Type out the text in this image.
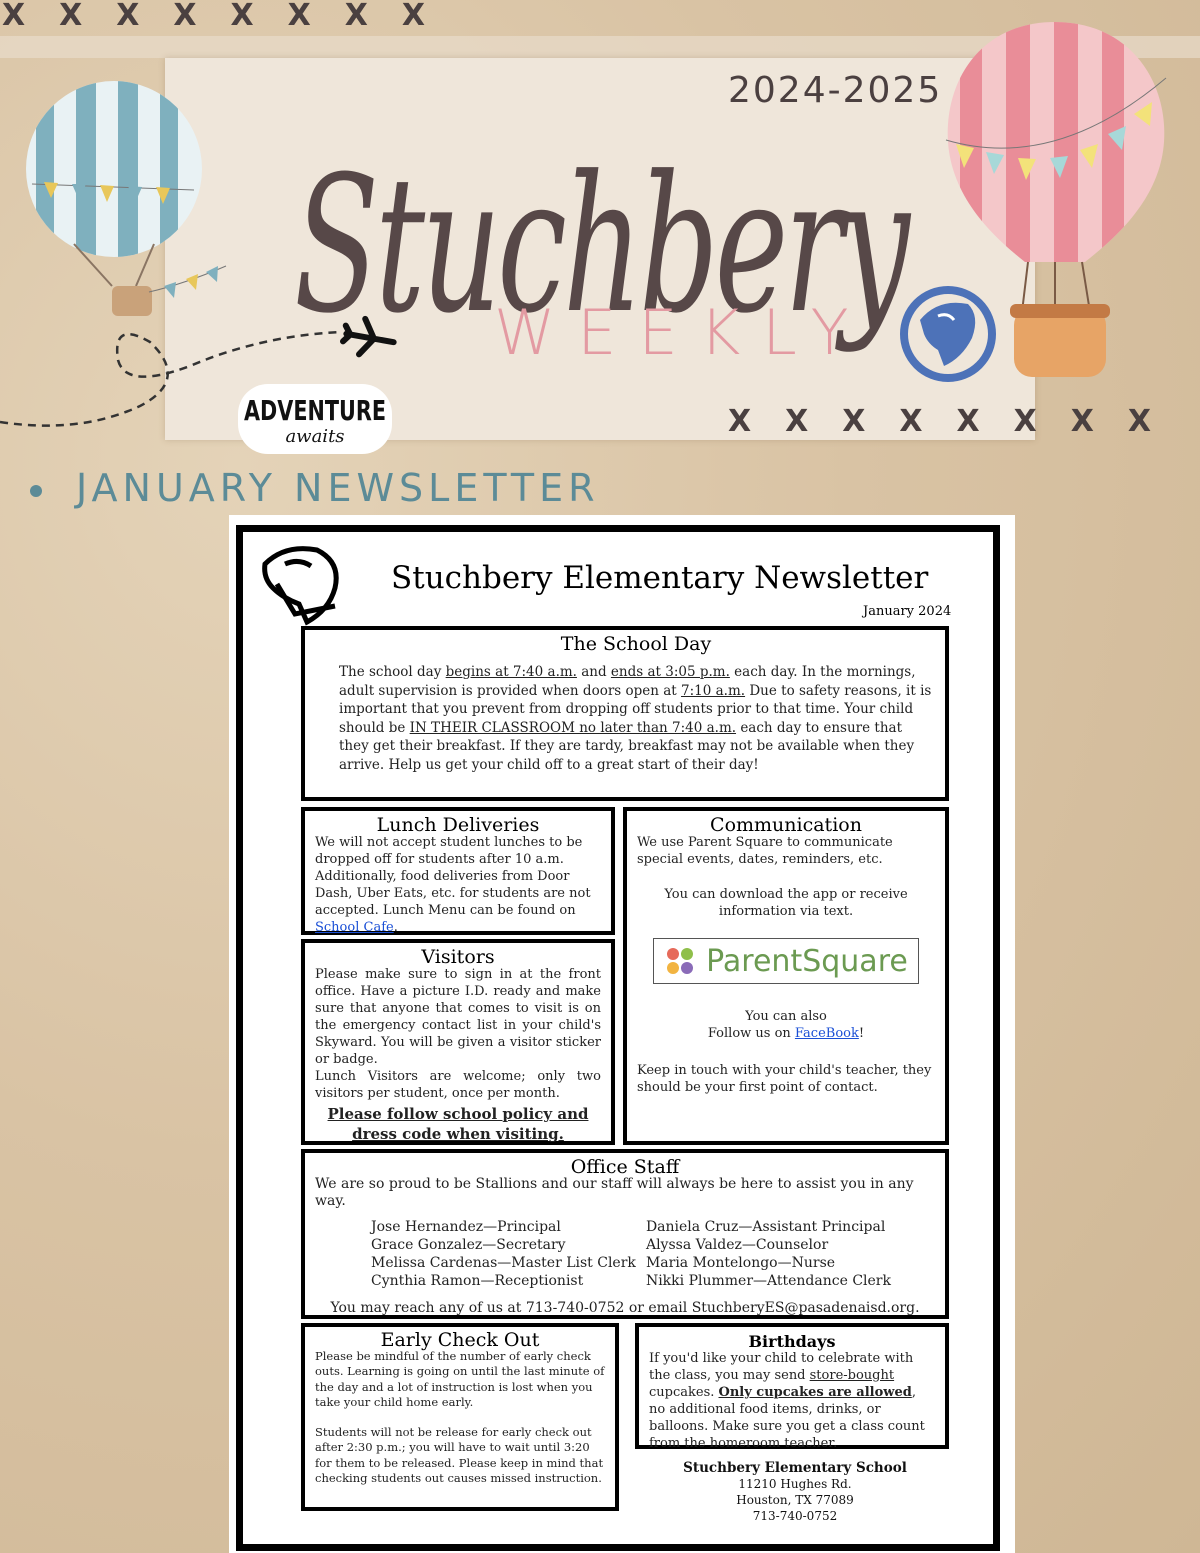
XXXXXXXX
2024-2025
Stuchbery
WEEKLY
ADVENTURE
awaits	XXXXXXXX
JANUARY NEWSLETTER
Stuchbery Elementary Newsletter
January 2024
The School Day

The school day begins at 7:40 a.m. and ends at 3:05 p.m. each day. In the mornings, adult supervision is provided when doors open at 7:10 a.m. Due to safety reasons, it is important that you prevent from dropping off students prior to that time. Your child should be IN THEIR CLASSROOM no later than 7:40 a.m. each day to ensure that they get their breakfast. If they are tardy, breakfast may not be available when they arrive. Help us get your child off to a great start of their day!

Lunch Deliveries

We will not accept student lunches to be dropped off for students after 10 a.m. Additionally, food deliveries from Door Dash, Uber Eats, etc. for students are not accepted. Lunch Menu can be found on School Cafe.

Visitors

Please make sure to sign in at the front office. Have a picture I.D. ready and make sure that anyone that comes to visit is on the emergency contact list in your child's Skyward. You will be given a visitor sticker or badge.

Lunch Visitors are welcome; only two visitors per student, once per month.

Please follow school policy and dress code when visiting.

Communication

We use Parent Square to communicate special events, dates, reminders, etc.

You can download the app or receive information via text.

ParentSquare

You can also
Follow us on FaceBook!

Keep in touch with your child's teacher, they should be your first point of contact.

Office Staff

We are so proud to be Stallions and our staff will always be here to assist you in any way.

Jose Hernandez—Principal
Grace Gonzalez—Secretary
Melissa Cardenas—Master List Clerk
Cynthia Ramon—Receptionist
Daniela Cruz—Assistant Principal
Alyssa Valdez—Counselor
Maria Montelongo—Nurse
Nikki Plummer—Attendance Clerk

You may reach any of us at 713-740-0752 or email StuchberyES@pasadenaisd.org.

Early Check Out

Please be mindful of the number of early check outs. Learning is going on until the last minute of the day and a lot of instruction is lost when you take your child home early.

Students will not be release for early check out after 2:30 p.m.; you will have to wait until 3:20 for them to be released. Please keep in mind that checking students out causes missed instruction.

Birthdays

If you'd like your child to celebrate with the class, you may send store-bought cupcakes. Only cupcakes are allowed, no additional food items, drinks, or balloons. Make sure you get a class count from the homeroom teacher.

Stuchbery Elementary School
11210 Hughes Rd.
Houston, TX 77089
713-740-0752
